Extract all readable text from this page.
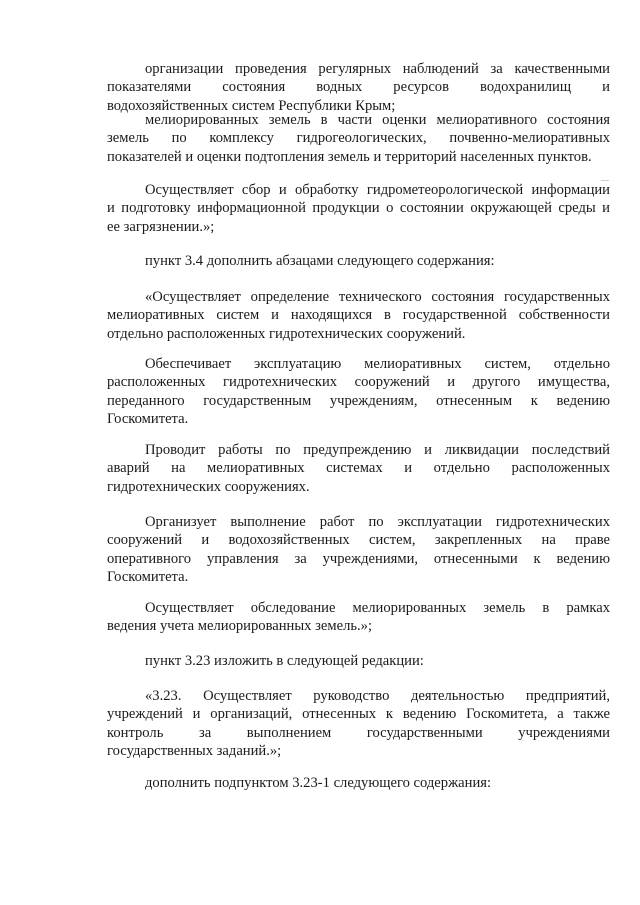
организации проведения регулярных наблюдений за качественными
показателями состояния водных ресурсов водохранилищ и
водохозяйственных систем Республики Крым;
мелиорированных земель в части оценки мелиоративного состояния
земель по комплексу гидрогеологических, почвенно-мелиоративных
показателей и оценки подтопления земель и территорий населенных пунктов.
Осуществляет сбор и обработку гидрометеорологической информации
и подготовку информационной продукции о состоянии окружающей среды и
ее загрязнении.»;
пункт 3.4 дополнить абзацами следующего содержания:
«Осуществляет определение технического состояния государственных
мелиоративных систем и находящихся в государственной собственности
отдельно расположенных гидротехнических сооружений.
Обеспечивает эксплуатацию мелиоративных систем, отдельно
расположенных гидротехнических сооружений и другого имущества,
переданного государственным учреждениям, отнесенным к ведению
Госкомитета.
Проводит работы по предупреждению и ликвидации последствий
аварий на мелиоративных системах и отдельно расположенных
гидротехнических сооружениях.
Организует выполнение работ по эксплуатации гидротехнических
сооружений и водохозяйственных систем, закрепленных на праве
оперативного управления за учреждениями, отнесенными к ведению
Госкомитета.
Осуществляет обследование мелиорированных земель в рамках
ведения учета мелиорированных земель.»;
пункт 3.23 изложить в следующей редакции:
«3.23. Осуществляет руководство деятельностью предприятий,
учреждений и организаций, отнесенных к ведению Госкомитета, а также
контроль за выполнением государственными учреждениями
государственных заданий.»;
дополнить подпунктом 3.23-1 следующего содержания:
